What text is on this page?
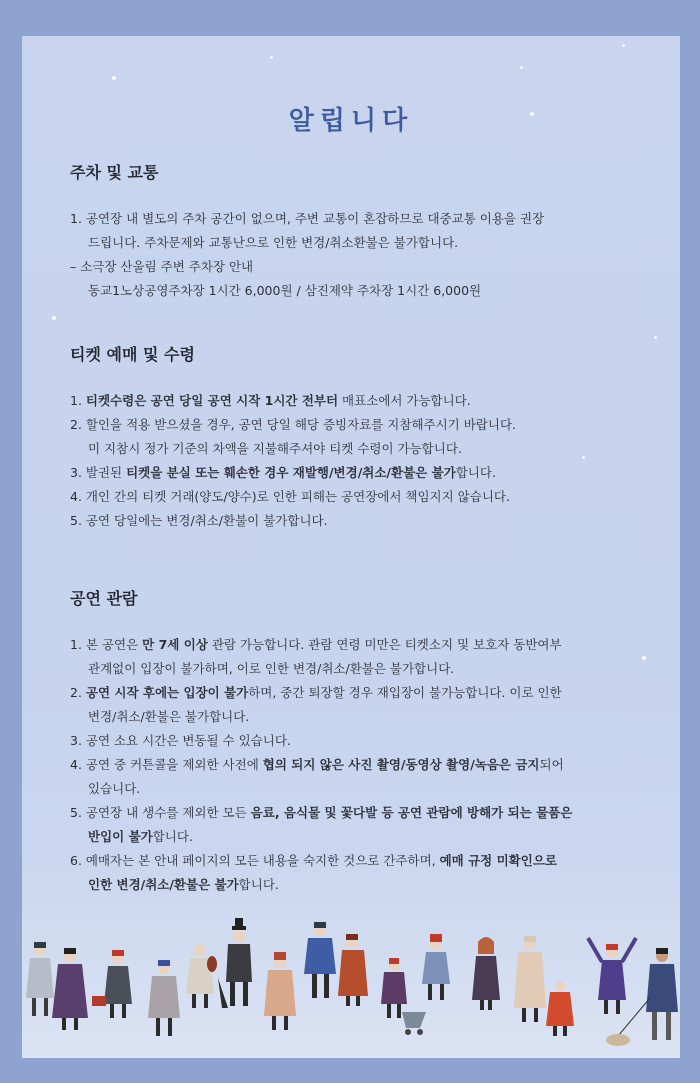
알립니다
주차 및 교통

1. 공연장 내 별도의 주차 공간이 없으며, 주변 교통이 혼잡하므로 대중교통 이용을 권장
드립니다. 주차문제와 교통난으로 인한 변경/취소환불은 불가합니다.

– 소극장 산울림 주변 주차장 안내
동교1노상공영주차장 1시간 6,000원 / 삼진제약 주차장 1시간 6,000원

티켓 예매 및 수령

1. 티켓수령은 공연 당일 공연 시작 1시간 전부터 매표소에서 가능합니다.

2. 할인을 적용 받으셨을 경우, 공연 당일 해당 증빙자료를 지참해주시기 바랍니다.
미 지참시 정가 기준의 차액을 지불해주셔야 티켓 수령이 가능합니다.

3. 발권된 티켓을 분실 또는 훼손한 경우 재발행/변경/취소/환불은 불가합니다.

4. 개인 간의 티켓 거래(양도/양수)로 인한 피해는 공연장에서 책임지지 않습니다.

5. 공연 당일에는 변경/취소/환불이 불가합니다.

공연 관람

1. 본 공연은 만 7세 이상 관람 가능합니다. 관람 연령 미만은 티켓소지 및 보호자 동반여부
관계없이 입장이 불가하며, 이로 인한 변경/취소/환불은 불가합니다.

2. 공연 시작 후에는 입장이 불가하며, 중간 퇴장할 경우 재입장이 불가능합니다. 이로 인한
변경/취소/환불은 불가합니다.

3. 공연 소요 시간은 변동될 수 있습니다.

4. 공연 중 커튼콜을 제외한 사전에 협의 되지 않은 사진 촬영/동영상 촬영/녹음은 금지되어
있습니다.

5. 공연장 내 생수를 제외한 모든 음료, 음식물 및 꽃다발 등 공연 관람에 방해가 되는 물품은
반입이 불가합니다.

6. 예매자는 본 안내 페이지의 모든 내용을 숙지한 것으로 간주하며, 예매 규정 미확인으로
인한 변경/취소/환불은 불가합니다.
